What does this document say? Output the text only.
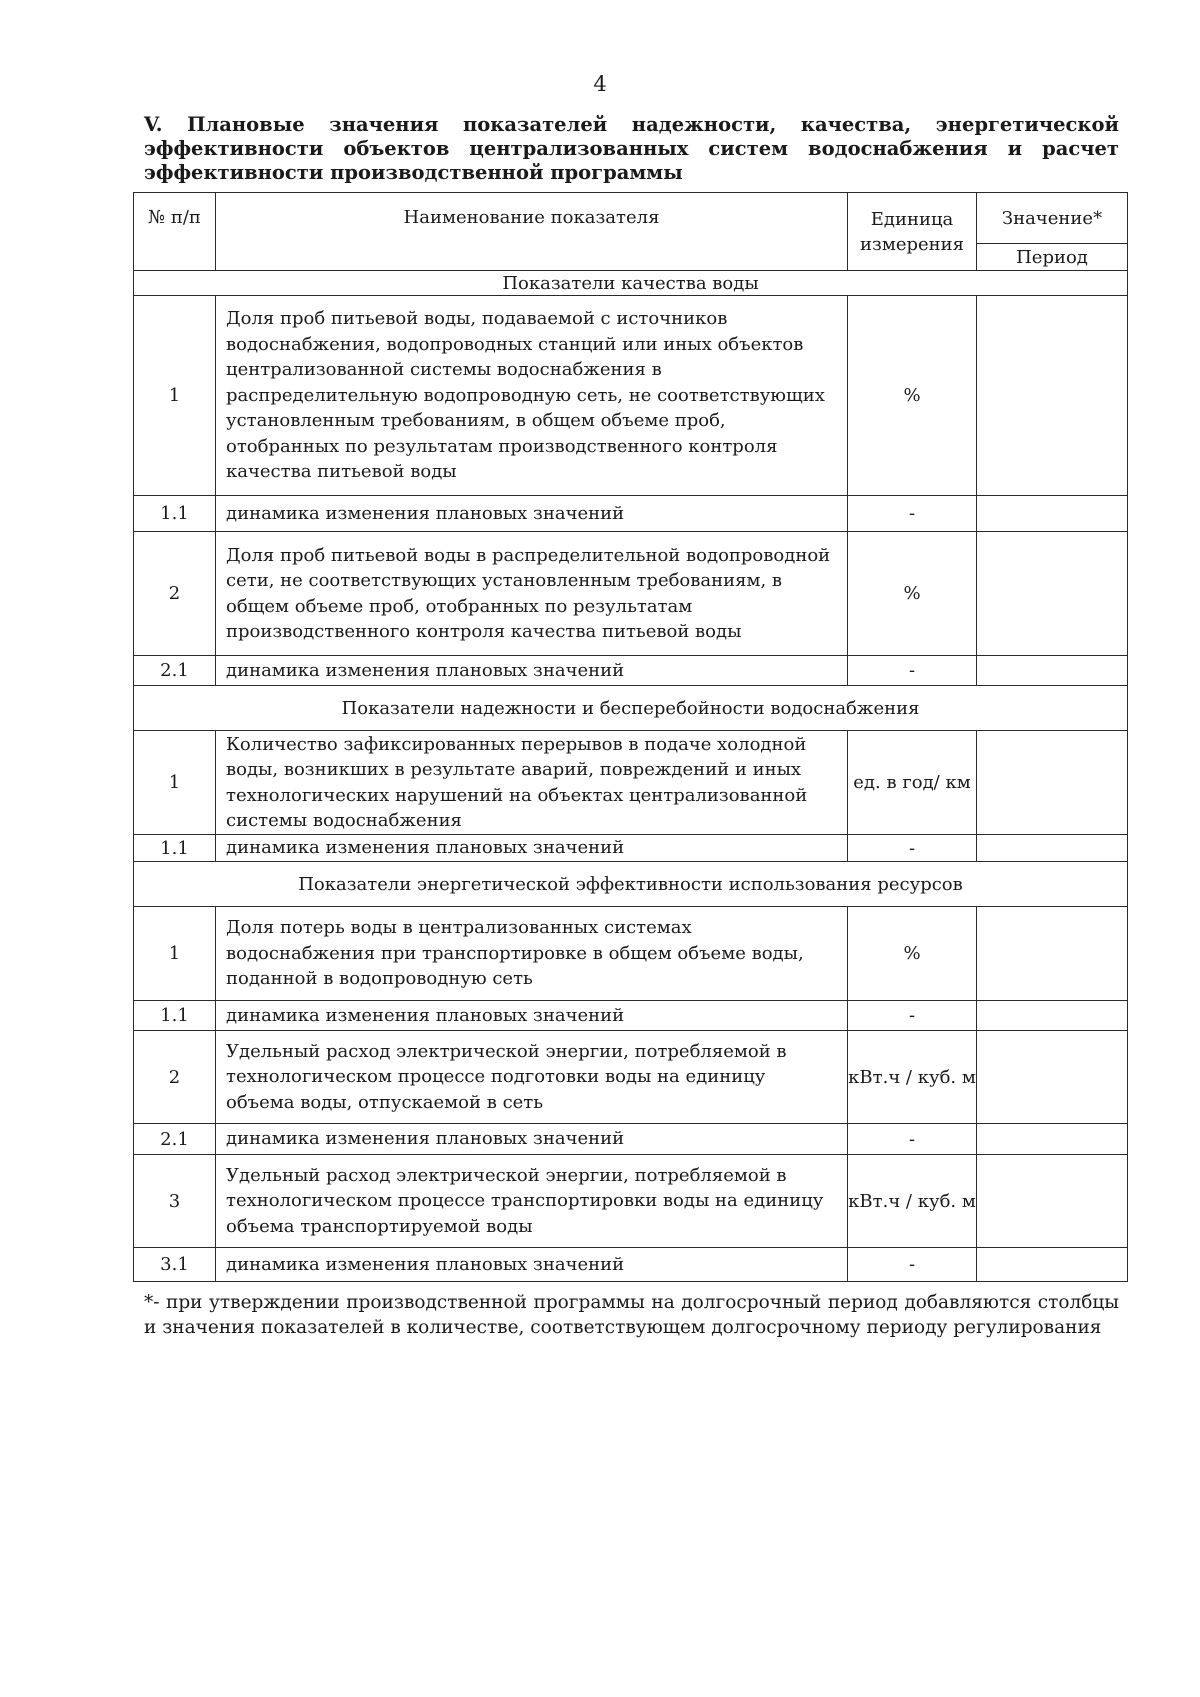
4

V. Плановые значения показателей надежности, качества, энергетической эффективности объектов централизованных систем водоснабжения и расчет эффективности производственной программы

№ п/п	Наименование показателя	Единица измерения	Значение*
			Период
Показатели качества воды			
1	Доля проб питьевой воды, подаваемой с источников водоснабжения, водопроводных станций или иных объектов централизованной системы водоснабжения в распределительную водопроводную сеть, не соответствующих установленным требованиям, в общем объеме проб, отобранных по результатам производственного контроля качества питьевой воды	%	
1.1	динамика изменения плановых значений	-	
2	Доля проб питьевой воды в распределительной водопроводной сети, не соответствующих установленным требованиям, в общем объеме проб, отобранных по результатам производственного контроля качества питьевой воды	%	
2.1	динамика изменения плановых значений	-	
Показатели надежности и бесперебойности водоснабжения			
1	Количество зафиксированных перерывов в подаче холодной воды, возникших в результате аварий, повреждений и иных технологических нарушений на объектах централизованной системы водоснабжения	ед. в год/ км	
1.1	динамика изменения плановых значений	-	
Показатели энергетической эффективности использования ресурсов			
1	Доля потерь воды в централизованных системах водоснабжения при транспортировке в общем объеме воды, поданной в водопроводную сеть	%	
1.1	динамика изменения плановых значений	-	
2	Удельный расход электрической энергии, потребляемой в технологическом процессе подготовки воды на единицу объема воды, отпускаемой в сеть	кВт.ч / куб. м	
2.1	динамика изменения плановых значений	-	
3	Удельный расход электрической энергии, потребляемой в технологическом процессе транспортировки воды на единицу объема транспортируемой воды	кВт.ч / куб. м	
3.1	динамика изменения плановых значений	-	

*- при утверждении производственной программы на долгосрочный период добавляются столбцы и значения показателей в количестве, соответствующем долгосрочному периоду регулирования
